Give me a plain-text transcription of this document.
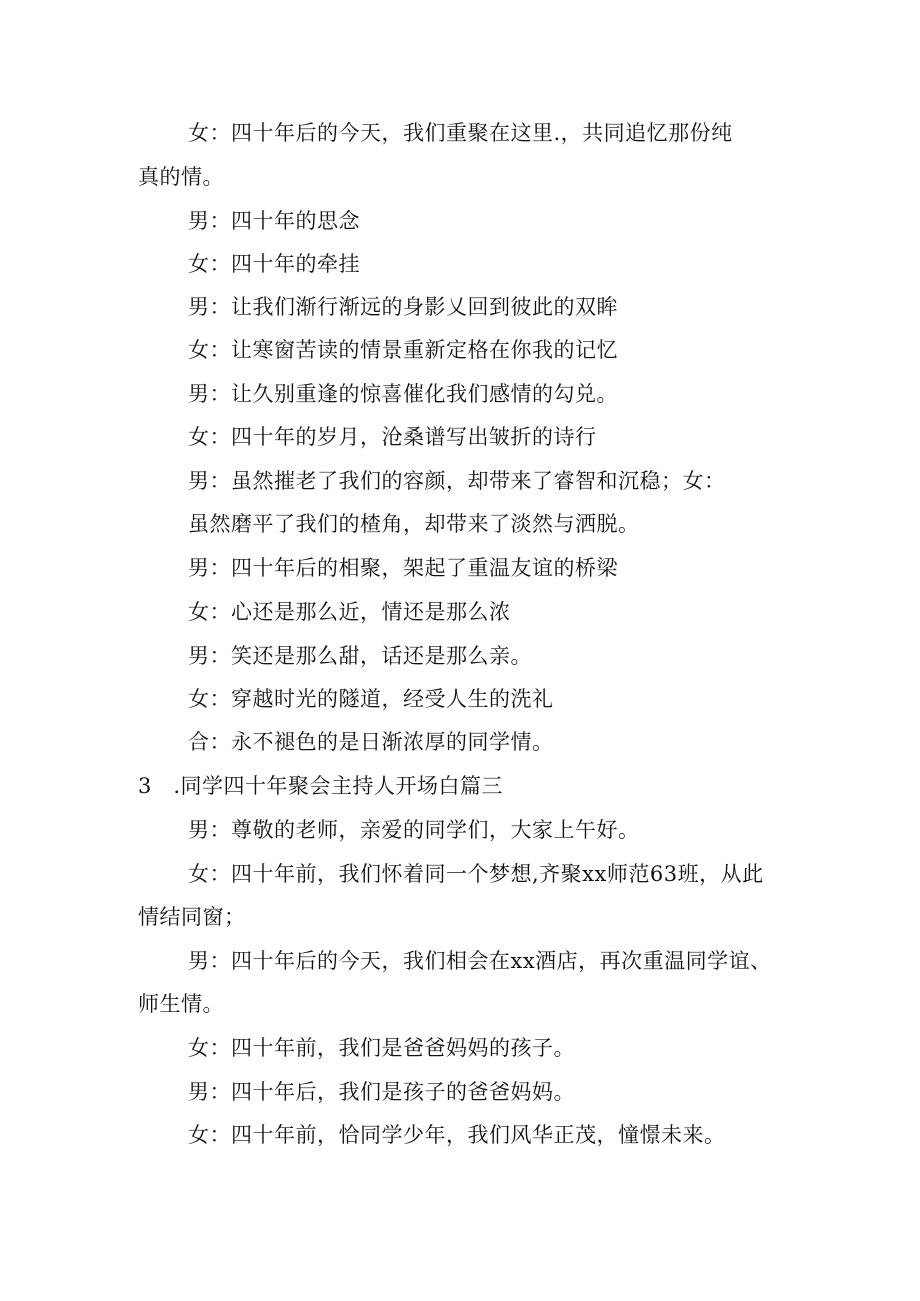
女：四十年后的今天，我们重聚在这里.，共同追忆那份纯
真的情。
男：四十年的思念
女：四十年的牵挂
男：让我们渐行渐远的身影乂回到彼此的双眸
女：让寒窗苦读的情景重新定格在你我的记忆
男：让久别重逢的惊喜催化我们感情的勾兑。
女：四十年的岁月，沧桑谱写出皱折的诗行
男：虽然摧老了我们的容颜，却带来了睿智和沉稳；女：
虽然磨平了我们的楂角，却带来了淡然与洒脱。
男：四十年后的相聚，架起了重温友谊的桥梁
女：心还是那么近，情还是那么浓
男：笑还是那么甜，话还是那么亲。
女：穿越时光的隧道，经受人生的洗礼
合：永不褪色的是日渐浓厚的同学情。
3　.同学四十年聚会主持人开场白篇三
男：尊敬的老师，亲爱的同学们，大家上午好。
女：四十年前，我们怀着同一个梦想,齐聚xx师范63班，从此
情结同窗；
男：四十年后的今天，我们相会在xx酒店，再次重温同学谊、
师生情。
女：四十年前，我们是爸爸妈妈的孩子。
男：四十年后，我们是孩子的爸爸妈妈。
女：四十年前，恰同学少年，我们风华正茂，憧憬未来。
